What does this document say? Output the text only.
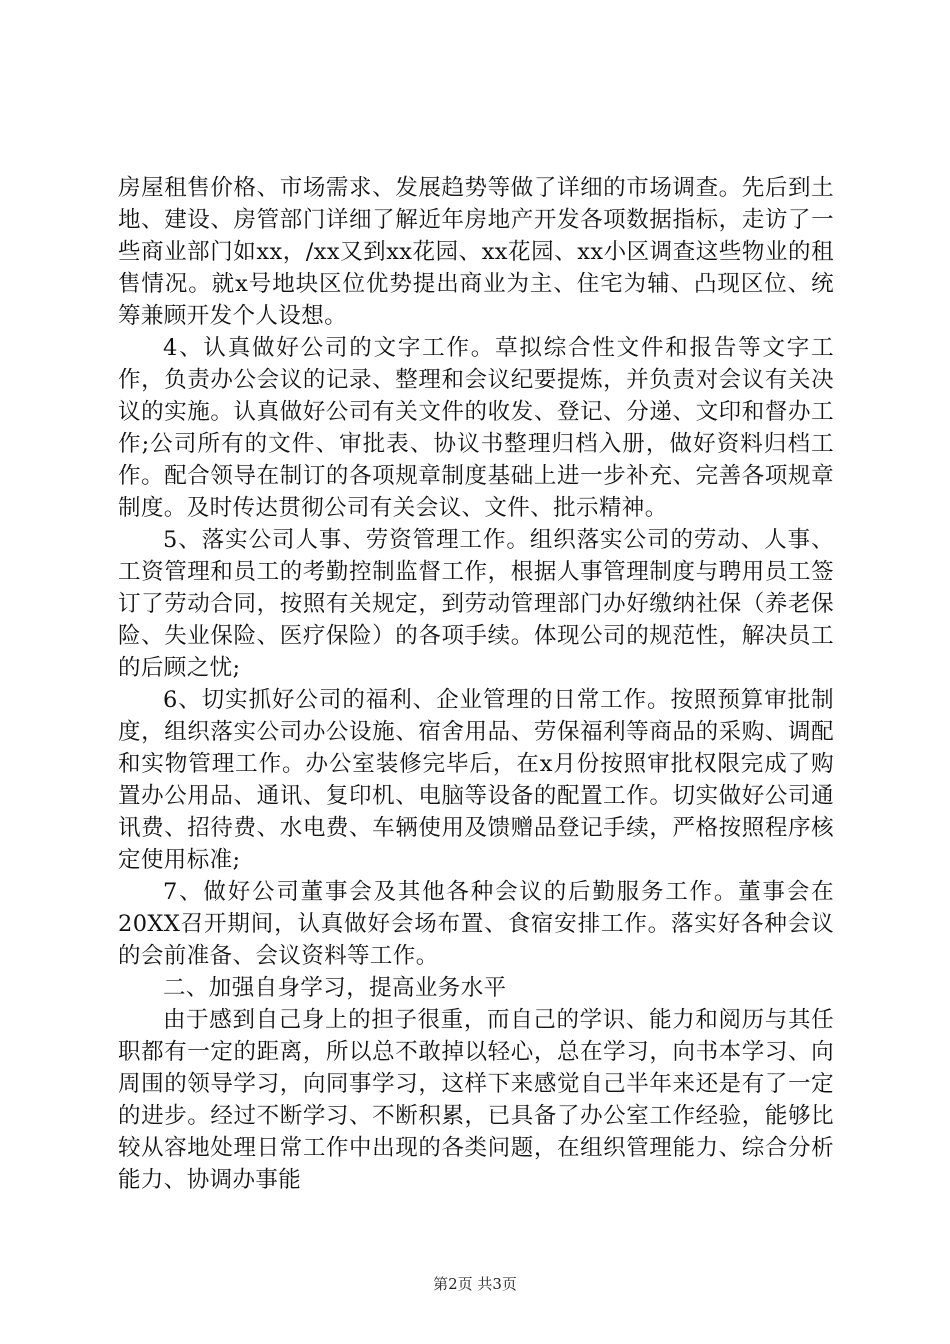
房屋租售价格、市场需求、发展趋势等做了详细的市场调查。先后到土地、建设、房管部门详细了解近年房地产开发各项数据指标，走访了一些商业部门如xx，/xx又到xx花园、xx花园、xx小区调查这些物业的租售情况。就x号地块区位优势提出商业为主、住宅为辅、凸现区位、统筹兼顾开发个人设想。

4、认真做好公司的文字工作。草拟综合性文件和报告等文字工作，负责办公会议的记录、整理和会议纪要提炼，并负责对会议有关决议的实施。认真做好公司有关文件的收发、登记、分递、文印和督办工作;公司所有的文件、审批表、协议书整理归档入册，做好资料归档工作。配合领导在制订的各项规章制度基础上进一步补充、完善各项规章制度。及时传达贯彻公司有关会议、文件、批示精神。

5、落实公司人事、劳资管理工作。组织落实公司的劳动、人事、工资管理和员工的考勤控制监督工作，根据人事管理制度与聘用员工签订了劳动合同，按照有关规定，到劳动管理部门办好缴纳社保（养老保险、失业保险、医疗保险）的各项手续。体现公司的规范性，解决员工的后顾之忧;

6、切实抓好公司的福利、企业管理的日常工作。按照预算审批制度，组织落实公司办公设施、宿舍用品、劳保福利等商品的采购、调配和实物管理工作。办公室装修完毕后，在x月份按照审批权限完成了购置办公用品、通讯、复印机、电脑等设备的配置工作。切实做好公司通讯费、招待费、水电费、车辆使用及馈赠品登记手续，严格按照程序核定使用标准;

7、做好公司董事会及其他各种会议的后勤服务工作。董事会在20XX召开期间，认真做好会场布置、食宿安排工作。落实好各种会议的会前准备、会议资料等工作。

二、加强自身学习，提高业务水平

由于感到自己身上的担子很重，而自己的学识、能力和阅历与其任职都有一定的距离，所以总不敢掉以轻心，总在学习，向书本学习、向周围的领导学习，向同事学习，这样下来感觉自己半年来还是有了一定的进步。经过不断学习、不断积累，已具备了办公室工作经验，能够比较从容地处理日常工作中出现的各类问题，在组织管理能力、综合分析能力、协调办事能

第2页 共3页
